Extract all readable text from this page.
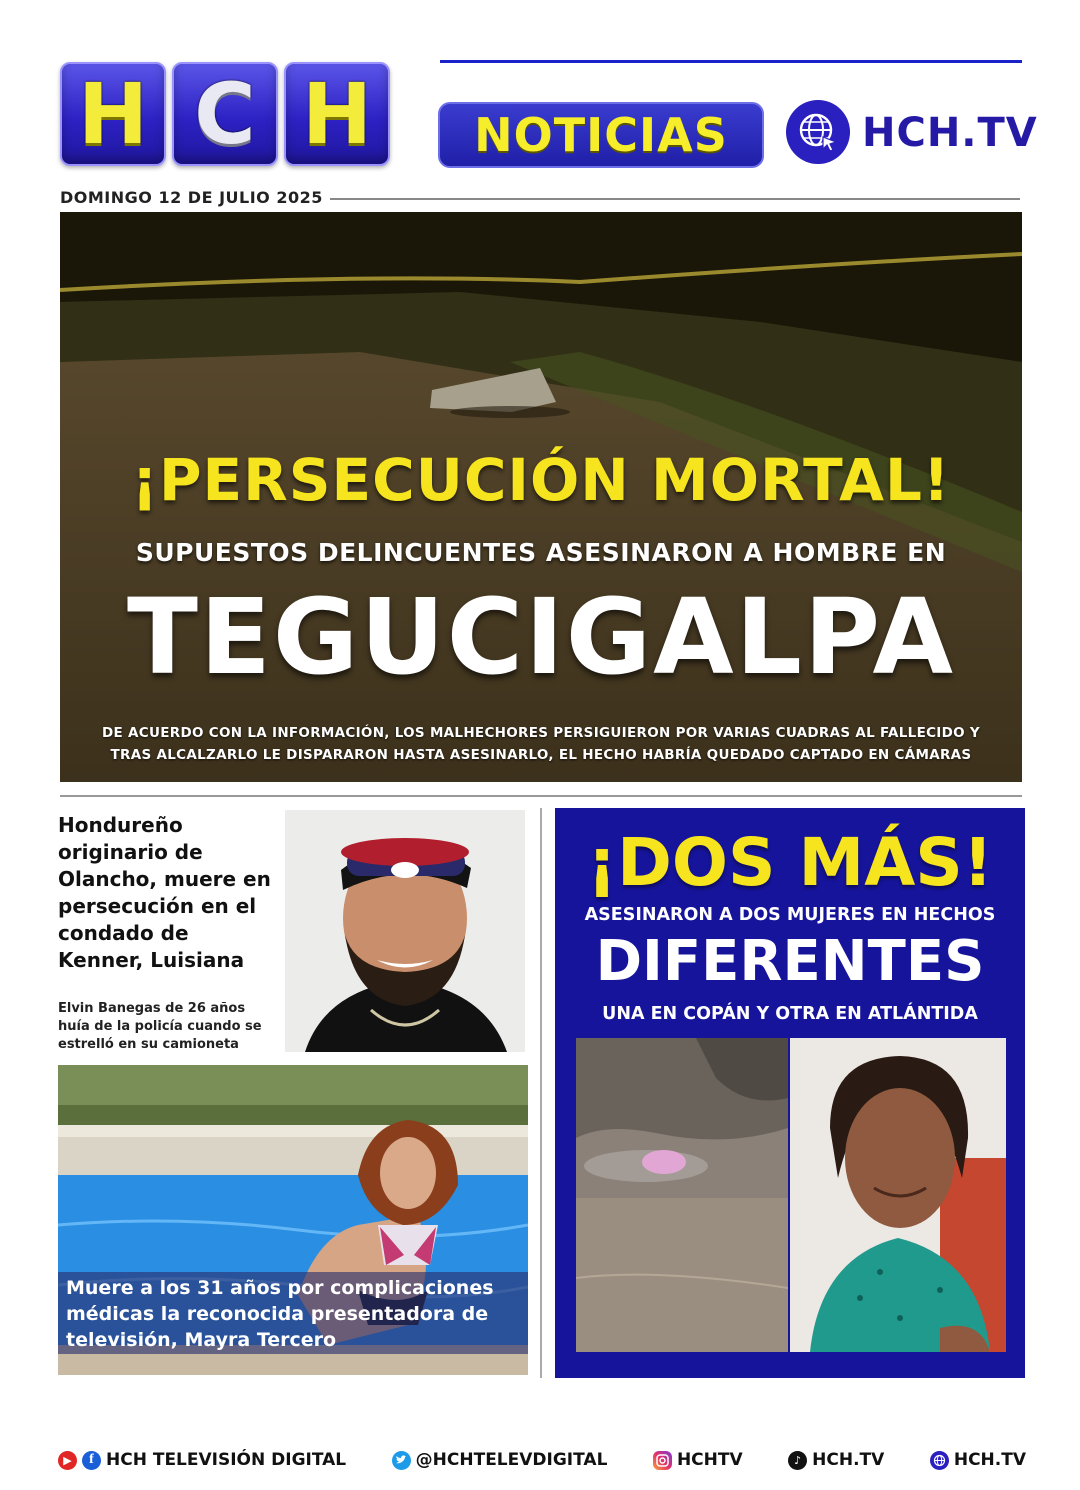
H C H NOTICIAS	HCH.TV
DOMINGO 12 DE JULIO 2025
¡PERSECUCIÓN MORTAL!
SUPUESTOS DELINCUENTES ASESINARON A HOMBRE EN
TEGUCIGALPA
DE ACUERDO CON LA INFORMACIÓN, LOS MALHECHORES PERSIGUIERON POR VARIAS CUADRAS AL FALLECIDO Y
TRAS ALCALZARLO LE DISPARARON HASTA ASESINARLO, EL HECHO HABRÍA QUEDADO CAPTADO EN CÁMARAS
Hondureño originario de Olancho, muere en persecución en el condado de Kenner, Luisiana
Elvin Banegas de 26 años huía de la policía cuando se estrelló en su camioneta
Muere a los 31 años por complicaciones médicas la reconocida presentadora de televisión, Mayra Tercero
¡DOS MÁS!
ASESINARON A DOS MUJERES EN HECHOS
DIFERENTES
UNA EN COPÁN Y OTRA EN ATLÁNTIDA
▶	f HCH TELEVISIÓN DIGITAL	@HCHTELEVDIGITAL	HCHTV	♪ HCH.TV	HCH.TV
